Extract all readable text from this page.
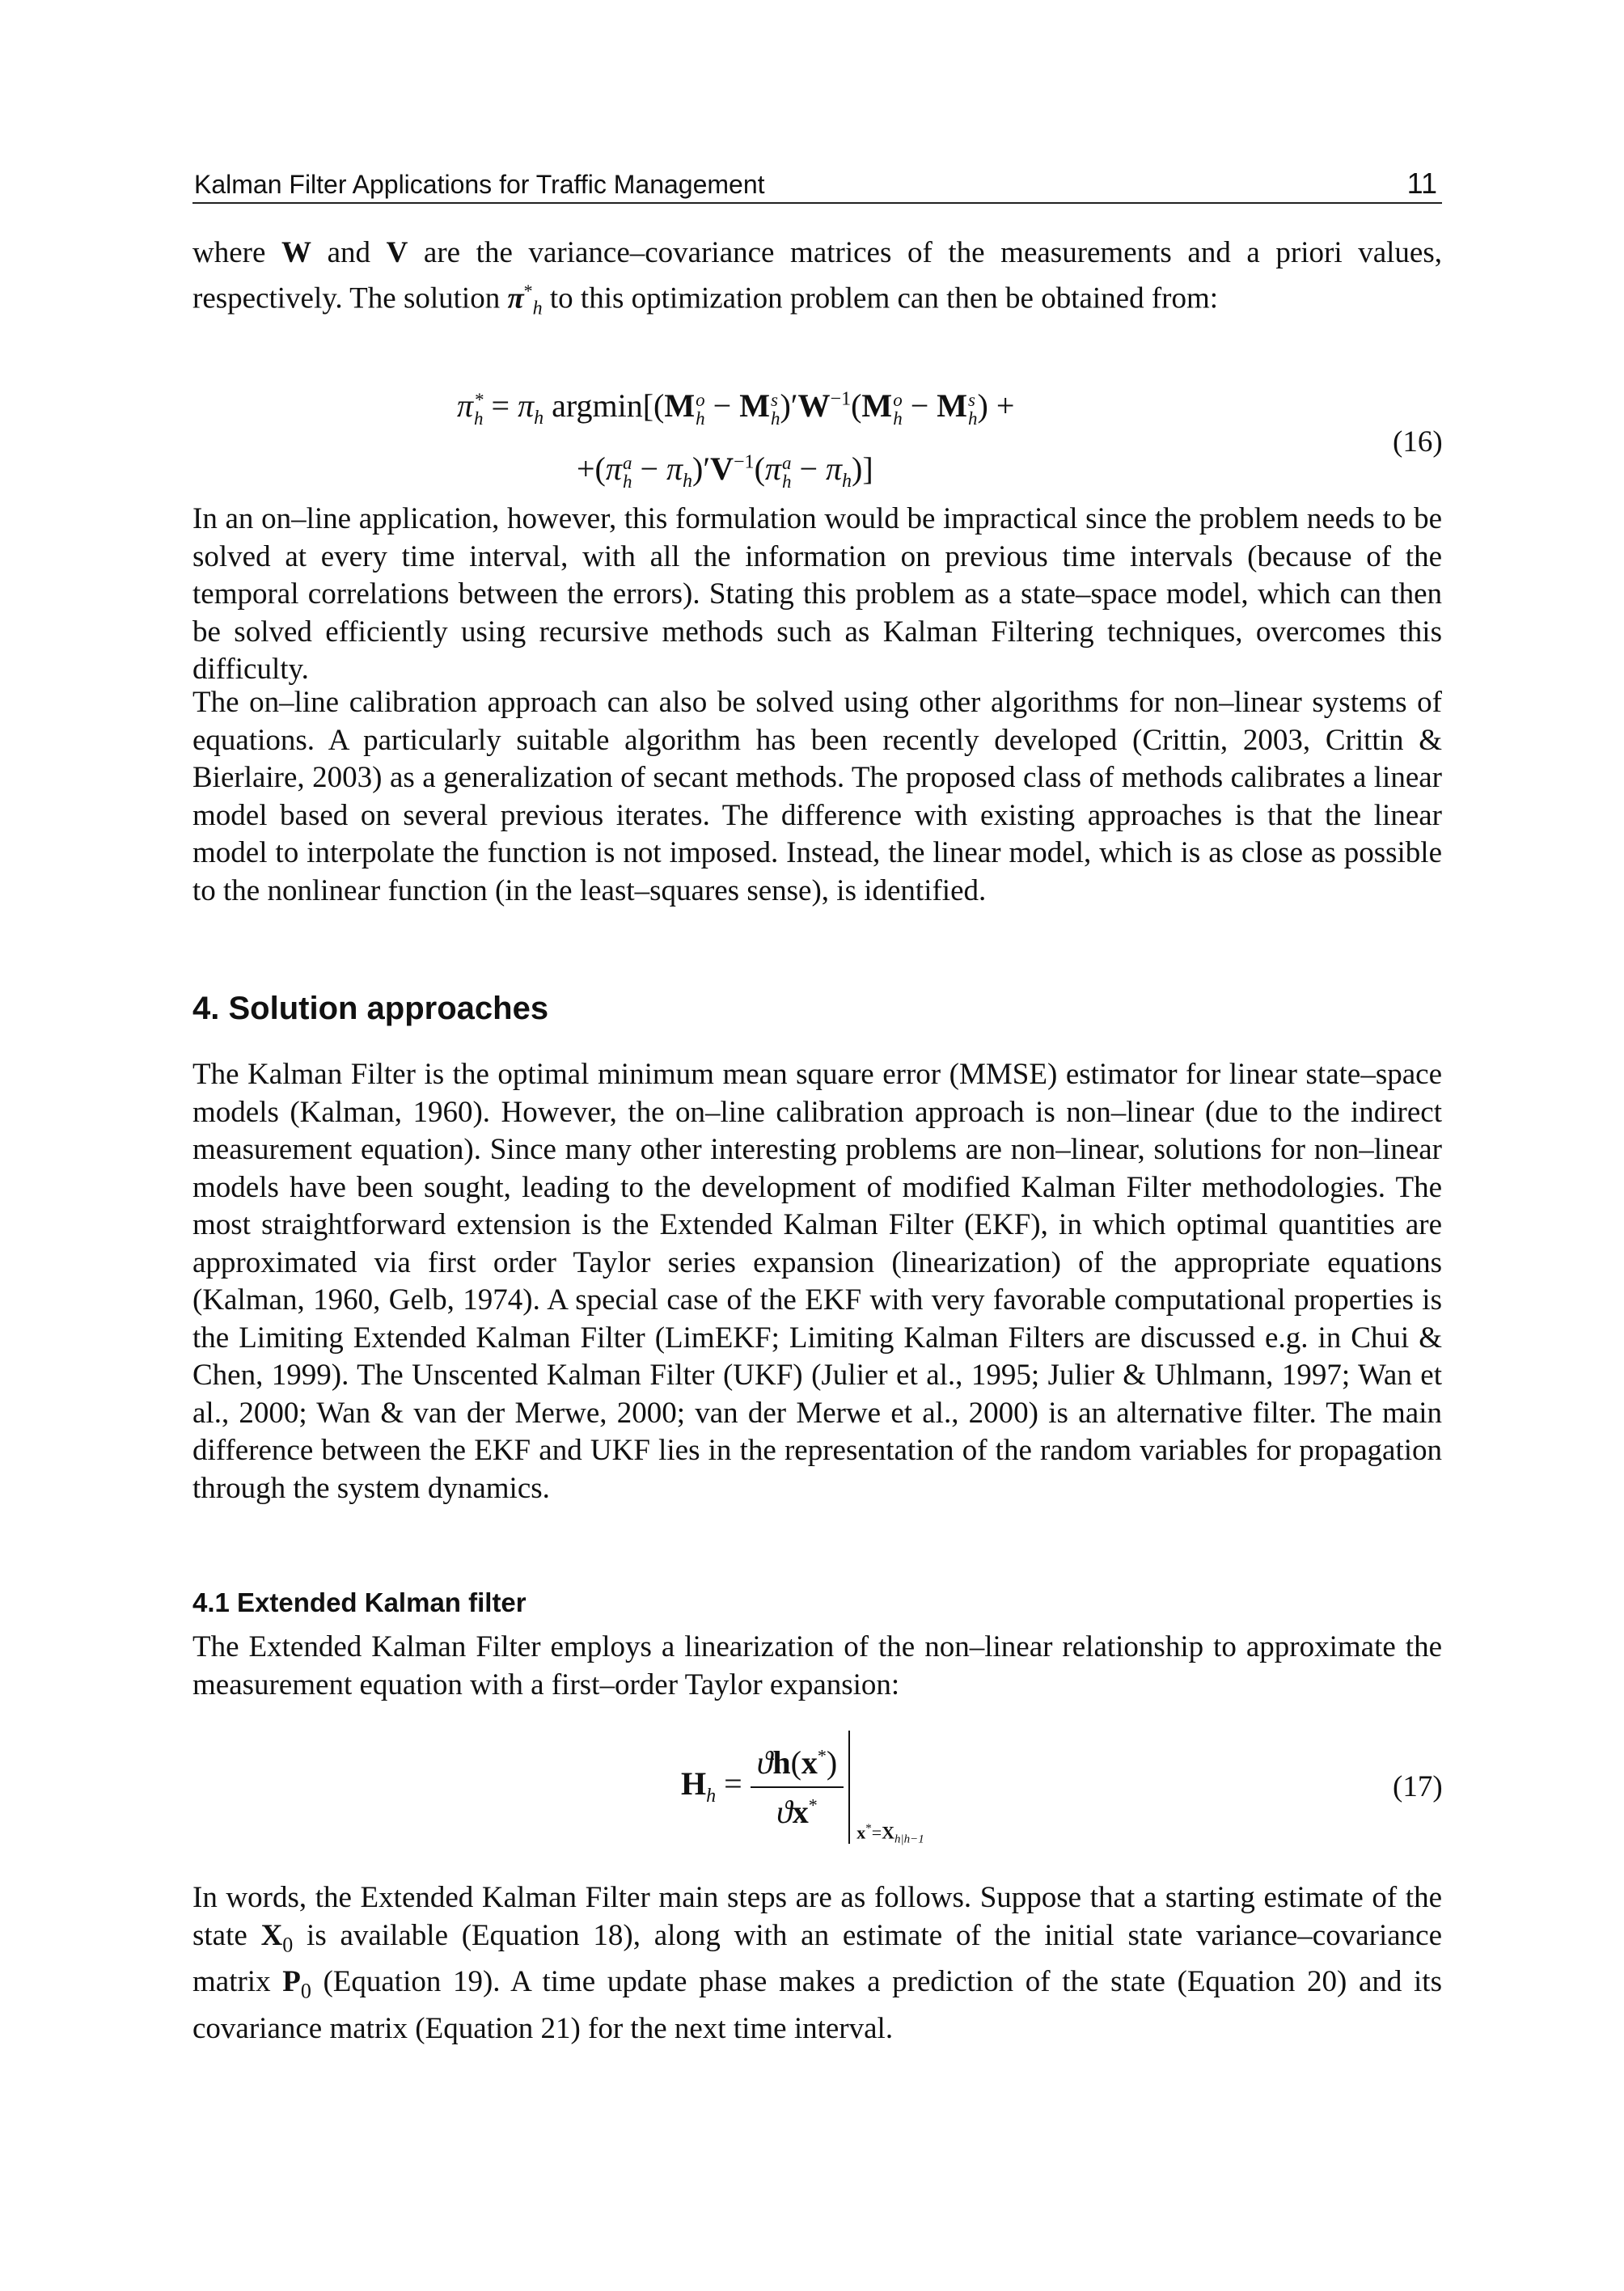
Kalman Filter Applications for Traffic Management	11

where W and V are the variance–covariance matrices of the measurements and a priori values, respectively. The solution $\pi^*_h$ to this optimization problem can then be obtained from:

π *
$h = \pi_h$ argmin[(M o
h − M s
h )$'W^{-1}(M$ o
h − M s
h ) +
+(π a
$h - \pi_h)'V^{-1}(\pi$ a
$h - \pi_h$)]
(16)

In an on–line application, however, this formulation would be impractical since the problem needs to be solved at every time interval, with all the information on previous time intervals (because of the temporal correlations between the errors). Stating this problem as a state–space model, which can then be solved efficiently using recursive methods such as Kalman Filtering techniques, overcomes this difficulty.

The on–line calibration approach can also be solved using other algorithms for non–linear systems of equations. A particularly suitable algorithm has been recently developed (Crittin, 2003, Crittin & Bierlaire, 2003) as a generalization of secant methods. The proposed class of methods calibrates a linear model based on several previous iterates. The difference with existing approaches is that the linear model to interpolate the function is not imposed. Instead, the linear model, which is as close as possible to the nonlinear function (in the least–squares sense), is identified.

4. Solution approaches

The Kalman Filter is the optimal minimum mean square error (MMSE) estimator for linear state–space models (Kalman, 1960). However, the on–line calibration approach is non–linear (due to the indirect measurement equation). Since many other interesting problems are non–linear, solutions for non–linear models have been sought, leading to the development of modified Kalman Filter methodologies. The most straightforward extension is the Extended Kalman Filter (EKF), in which optimal quantities are approximated via first order Taylor series expansion (linearization) of the appropriate equations (Kalman, 1960, Gelb, 1974). A special case of the EKF with very favorable computational properties is the Limiting Extended Kalman Filter (LimEKF; Limiting Kalman Filters are discussed e.g. in Chui & Chen, 1999). The Unscented Kalman Filter (UKF) (Julier et al., 1995; Julier & Uhlmann, 1997; Wan et al., 2000; Wan & van der Merwe, 2000; van der Merwe et al., 2000) is an alternative filter. The main difference between the EKF and UKF lies in the representation of the random variables for propagation through the system dynamics.

4.1 Extended Kalman filter

The Extended Kalman Filter employs a linearization of the non–linear relationship to approximate the measurement equation with a first–order Taylor expansion:

$H_h = \frac{ϑh(x^*)}{ϑx^*}$
$x^*=X_{h|h-1}$
(17)

In words, the Extended Kalman Filter main steps are as follows. Suppose that a starting estimate of the state $X_0$ is available (Equation 18), along with an estimate of the initial state variance–covariance matrix $P_0$ (Equation 19). A time update phase makes a prediction of the state (Equation 20) and its covariance matrix (Equation 21) for the next time interval.
